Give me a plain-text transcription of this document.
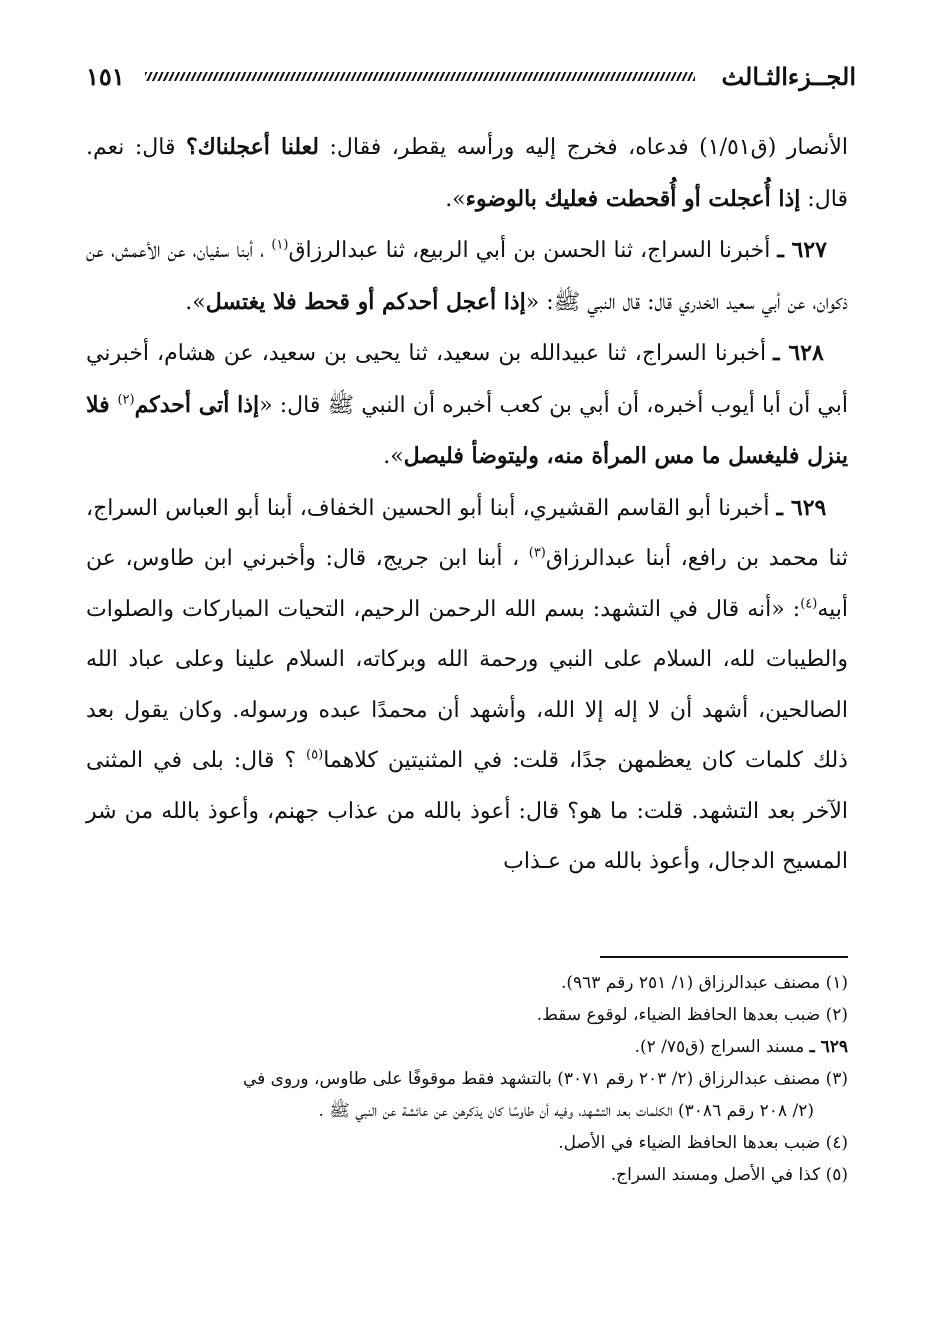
الجــزءالثـالث
١٥١

الأنصار (ق١/٥١) فدعاه، فخرج إليه ورأسه يقطر، فقال: لعلنا أعجلناك؟ قال: نعم. قال: إذا أُعجلت أو أُقحطت فعليك بالوضوء».

٦٢٧ ـ أخبرنا السراج، ثنا الحسن بن أبي الربيع، ثنا عبدالرزاق$^{(١)}$ ، أبنا سفيان، عن الأعمش، عن ذكوان، عن أبي سعيد الخدري قال: قال النبي ﷺ: «إذا أعجل أحدكم أو قحط فلا يغتسل».

٦٢٨ ـ أخبرنا السراج، ثنا عبيدالله بن سعيد، ثنا يحيى بن سعيد، عن هشام، أخبرني أبي أن أبا أيوب أخبره، أن أبي بن كعب أخبره أن النبي ﷺ قال: «إذا أتى أحدكم$^{(٢)}$ فلا ينزل فليغسل ما مس المرأة منه، وليتوضأ فليصل».

٦٢٩ ـ أخبرنا أبو القاسم القشيري، أبنا أبو الحسين الخفاف، أبنا أبو العباس السراج، ثنا محمد بن رافع، أبنا عبدالرزاق$^{(٣)}$ ، أبنا ابن جريج، قال: وأخبرني ابن طاوس، عن أبيه$^{(٤)}$: «أنه قال في التشهد: بسم الله الرحمن الرحيم، التحيات المباركات والصلوات والطيبات لله، السلام على النبي ورحمة الله وبركاته، السلام علينا وعلى عباد الله الصالحين، أشهد أن لا إله إلا الله، وأشهد أن محمدًا عبده ورسوله. وكان يقول بعد ذلك كلمات كان يعظمهن جدًا، قلت: في المثنيتين كلاهما$^{(٥)}$ ؟ قال: بلى في المثنى الآخر بعد التشهد. قلت: ما هو؟ قال: أعوذ بالله من عذاب جهنم، وأعوذ بالله من شر المسيح الدجال، وأعوذ بالله من عـذاب

(١) مصنف عبدالرزاق (١/ ٢٥١ رقم ٩٦٣).

(٢) ضبب بعدها الحافظ الضياء، لوقوع سقط.

٦٢٩ ـ مسند السراج (ق٧٥/ ٢).

(٣) مصنف عبدالرزاق (٢/ ٢٠٣ رقم ٣٠٧١) بالتشهد فقط موقوفًا على طاوس، وروى في

(٢/ ٢٠٨ رقم ٣٠٨٦) الكلمات بعد التشهد، وفيه أن طاوسًا كان يذكرهن عن عائشة عن النبي ﷺ .

(٤) ضبب بعدها الحافظ الضياء في الأصل.

(٥) كذا في الأصل ومسند السراج.
